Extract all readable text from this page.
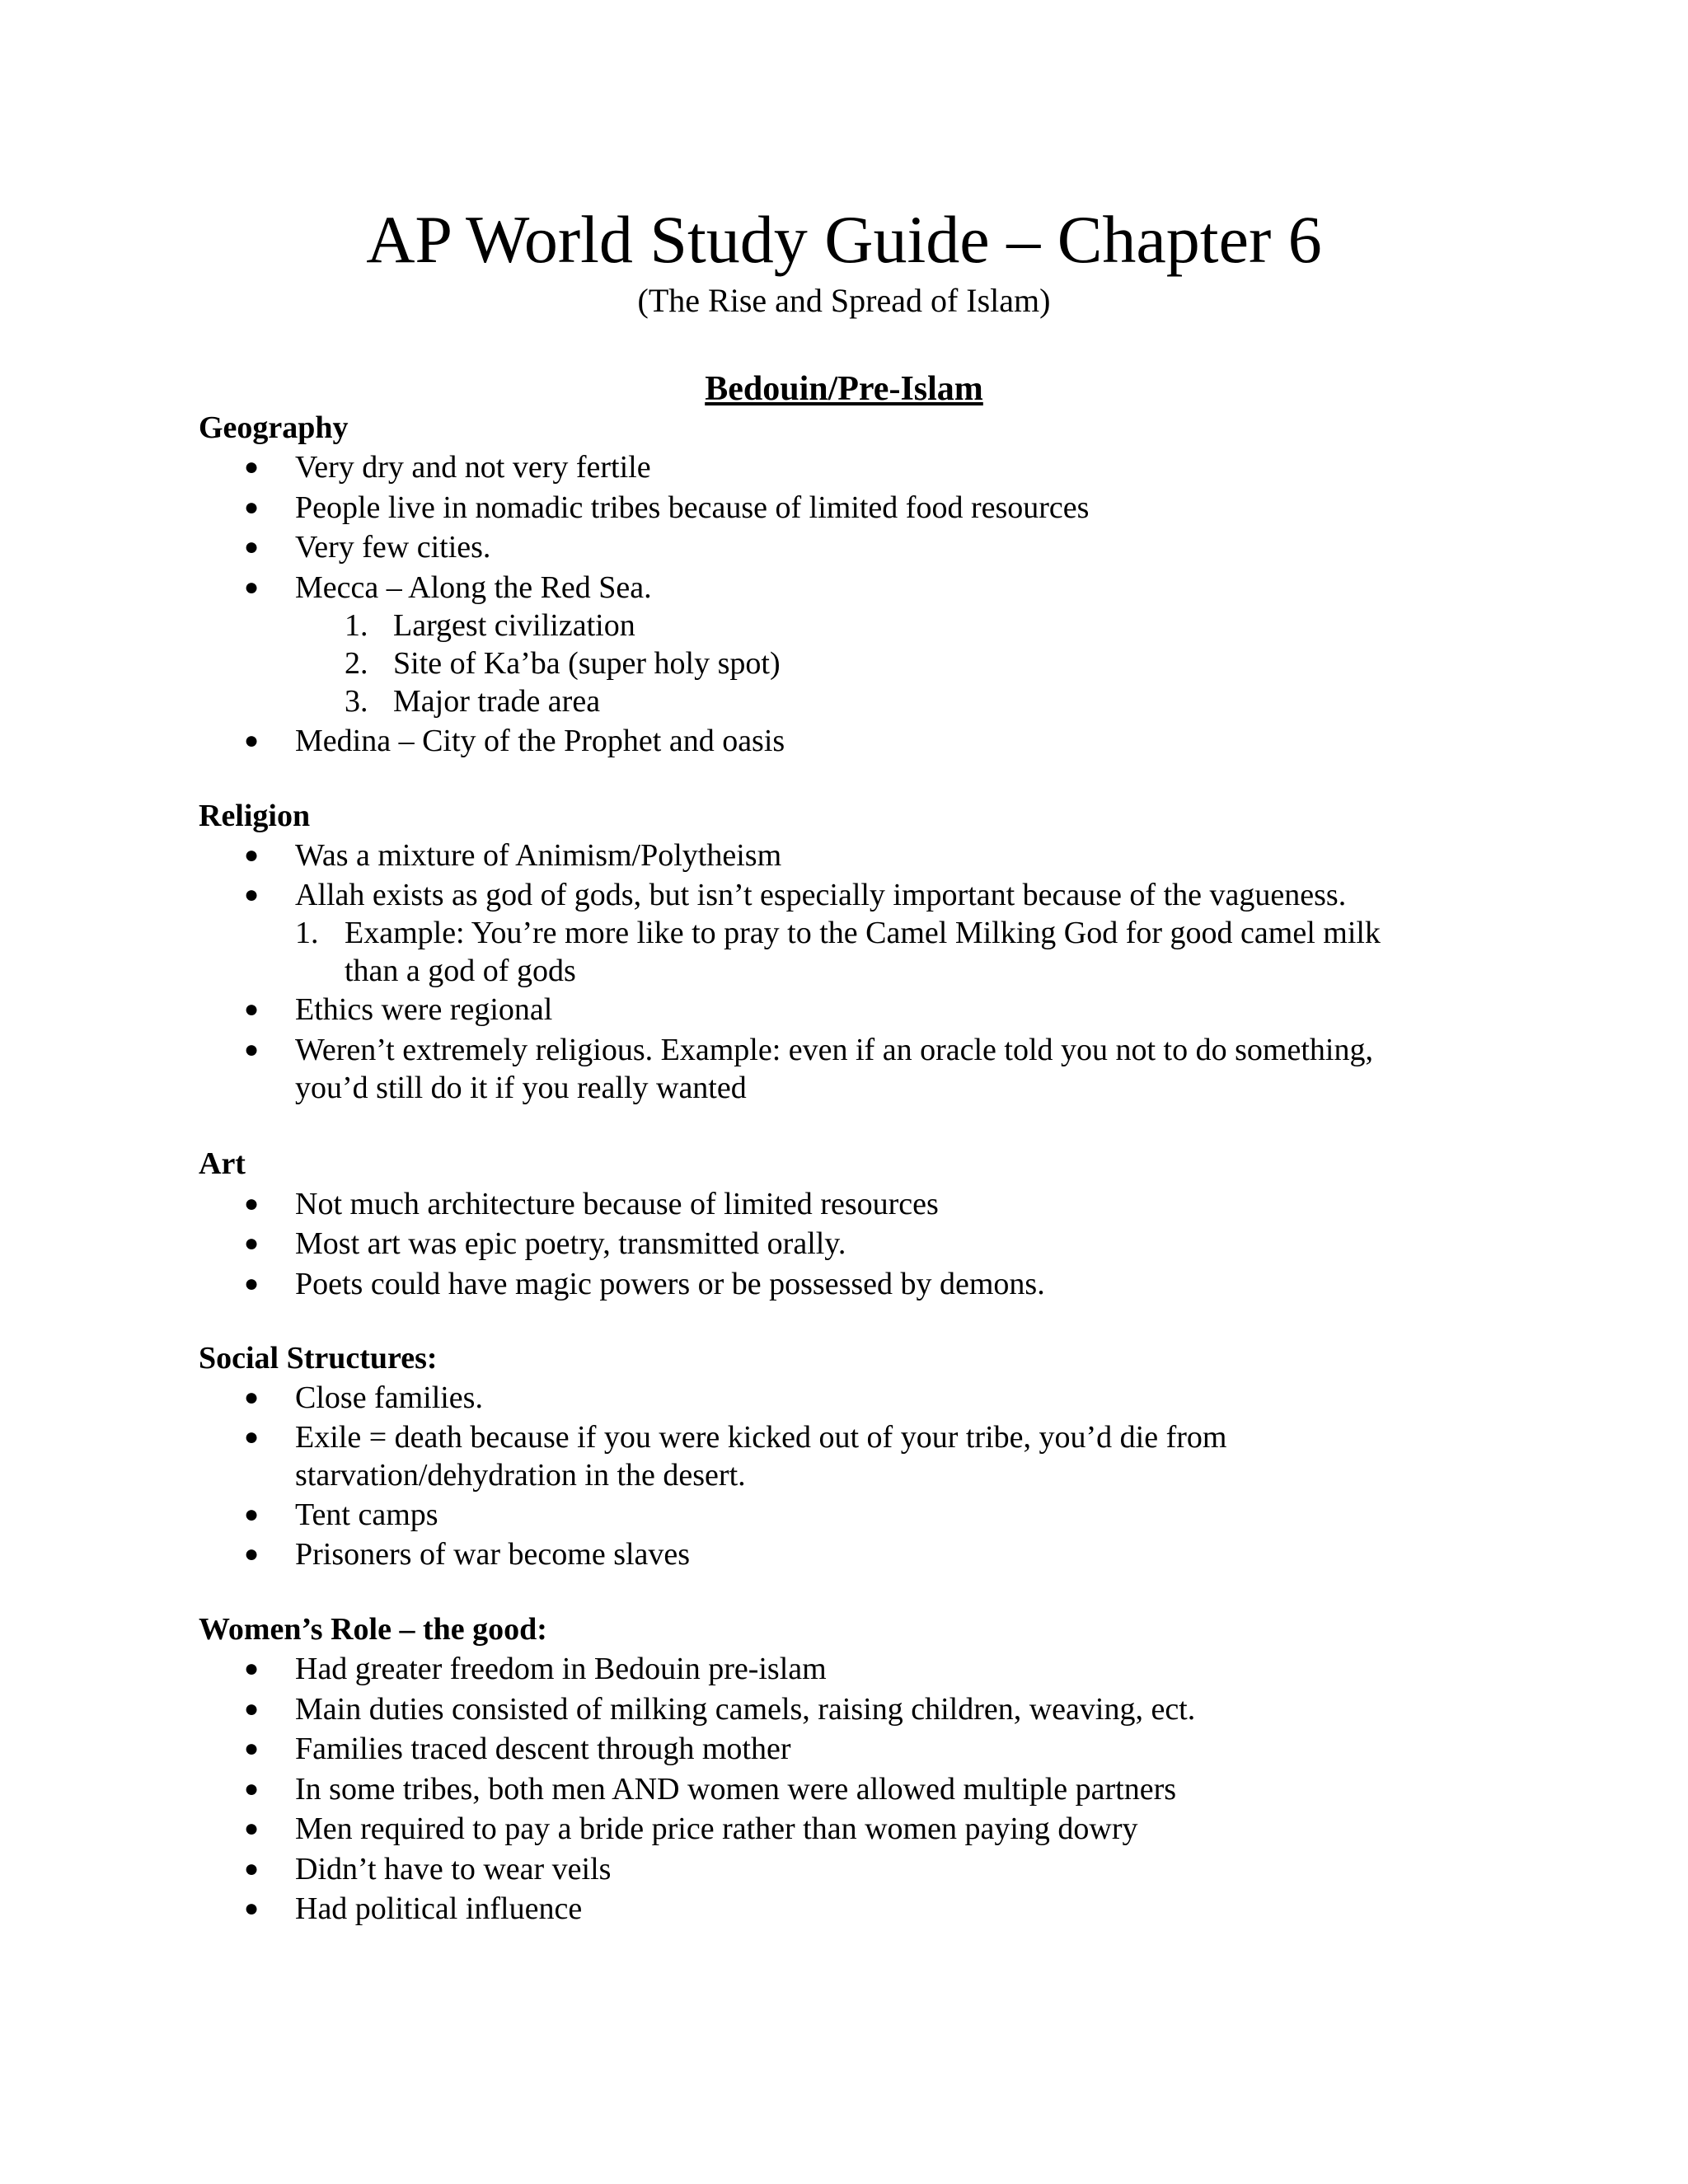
AP World Study Guide – Chapter 6
(The Rise and Spread of Islam)
Bedouin/Pre-Islam
Geography
● Very dry and not very fertile
● People live in nomadic tribes because of limited food resources
● Very few cities.
● Mecca – Along the Red Sea.
1. Largest civilization
2. Site of Ka’ba (super holy spot)
3. Major trade area
● Medina – City of the Prophet and oasis
Religion
● Was a mixture of Animism/Polytheism
● Allah exists as god of gods, but isn’t especially important because of the vagueness.
1. Example: You’re more like to pray to the Camel Milking God for good camel milk
than a god of gods
● Ethics were regional
● Weren’t extremely religious. Example: even if an oracle told you not to do something,
you’d still do it if you really wanted
Art
● Not much architecture because of limited resources
● Most art was epic poetry, transmitted orally.
● Poets could have magic powers or be possessed by demons.
Social Structures:
● Close families.
● Exile = death because if you were kicked out of your tribe, you’d die from
starvation/dehydration in the desert.
● Tent camps
● Prisoners of war become slaves
Women’s Role – the good:
● Had greater freedom in Bedouin pre-islam
● Main duties consisted of milking camels, raising children, weaving, ect.
● Families traced descent through mother
● In some tribes, both men AND women were allowed multiple partners
● Men required to pay a bride price rather than women paying dowry
● Didn’t have to wear veils
● Had political influence
